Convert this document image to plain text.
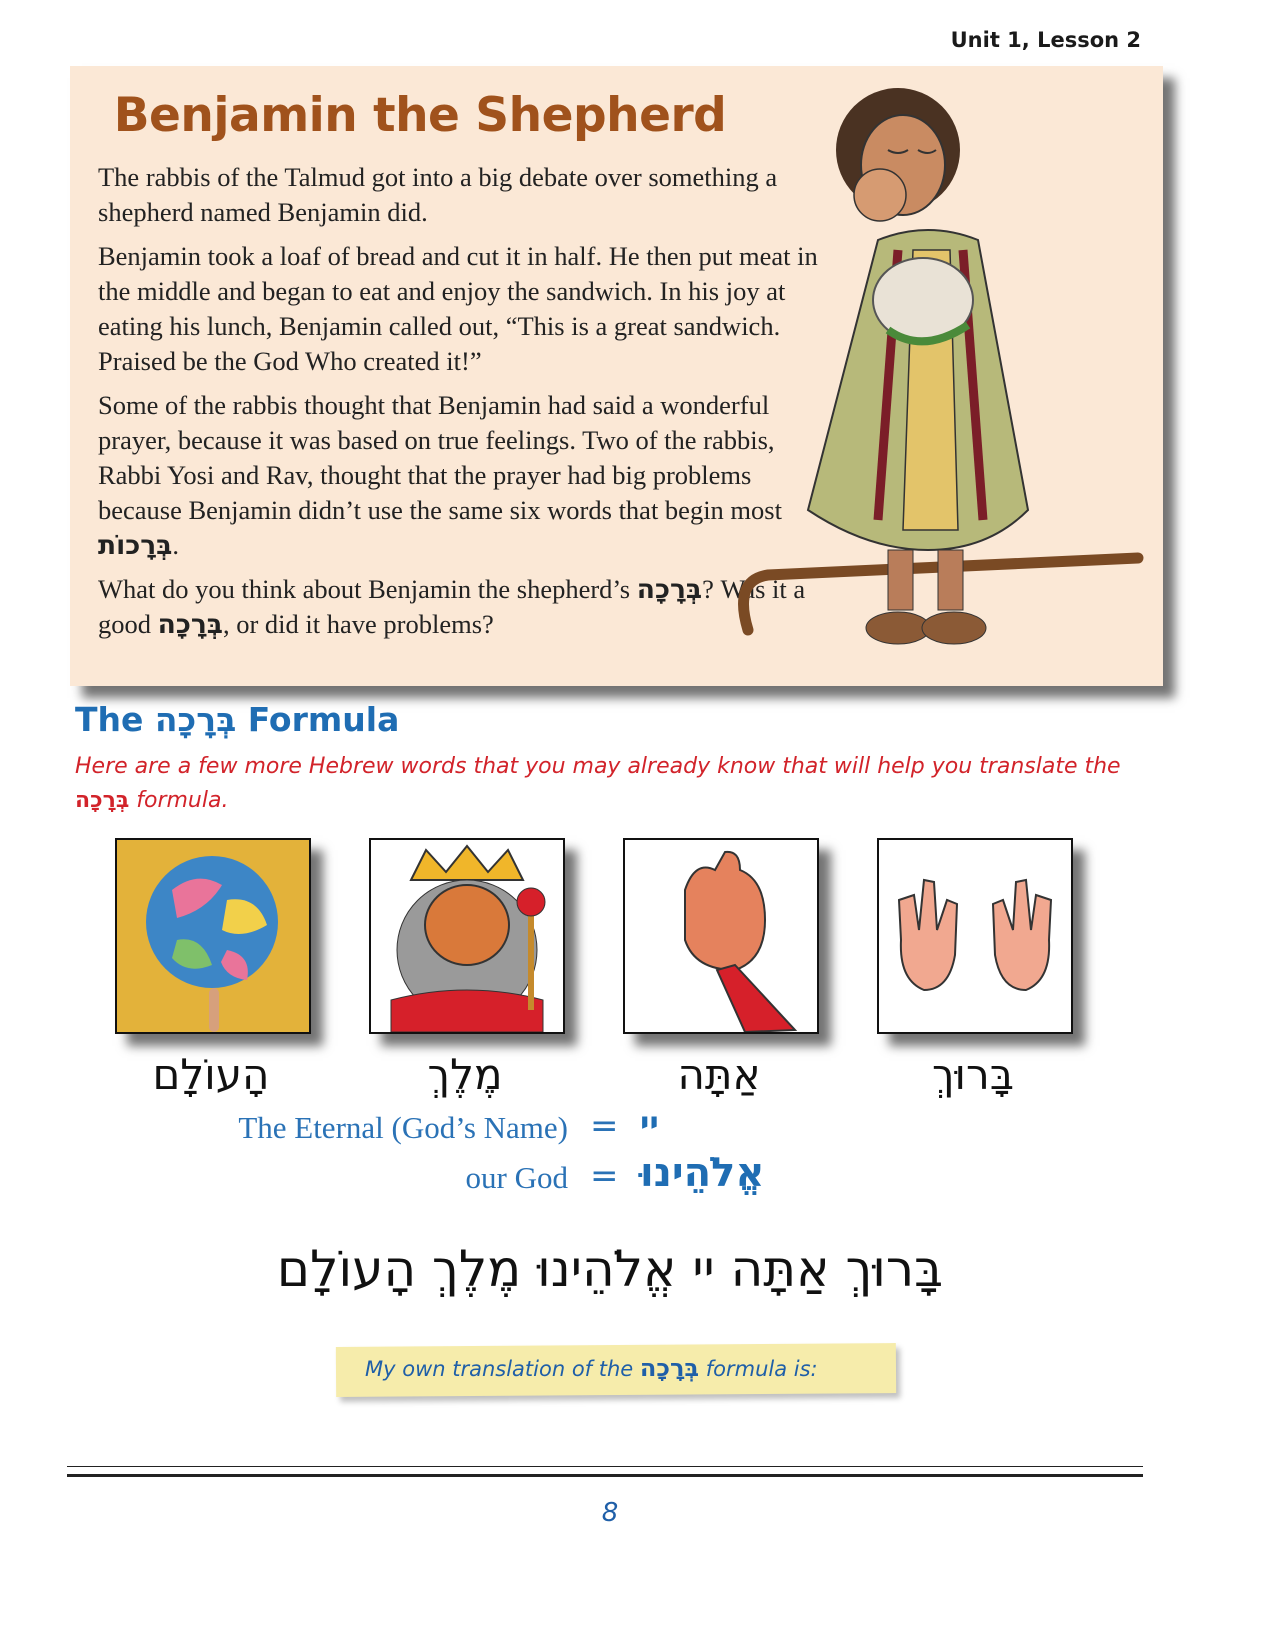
Unit 1, Lesson 2
Benjamin the Shepherd
The rabbis of the Talmud got into a big debate over something a shepherd named Benjamin did.
Benjamin took a loaf of bread and cut it in half. He then put meat in the middle and began to eat and enjoy the sandwich. In his joy at eating his lunch, Benjamin called out, “This is a great sandwich. Praised be the God Who created it!”
Some of the rabbis thought that Benjamin had said a wonderful prayer, because it was based on true feelings. Two of the rabbis, Rabbi Yosi and Rav, thought that the prayer had big problems because Benjamin didn’t use the same six words that begin most בְּרָכוֹת.
What do you think about Benjamin the shepherd’s בְּרָכָה? Was it a good בְּרָכָה, or did it have problems?
The בְּרָכָה Formula
Here are a few more Hebrew words that you may already know that will help you translate the בְּרָכָה formula.
הָעוֹלָם	מֶלֶךְ	אַתָּה	בָּרוּךְ
The Eternal (God’s Name) = יי
our God = אֱלֹהֵינוּ
בָּרוּךְ אַתָּה יי אֱלֹהֵינוּ מֶלֶךְ הָעוֹלָם
My own translation of the בְּרָכָה formula is:
8
